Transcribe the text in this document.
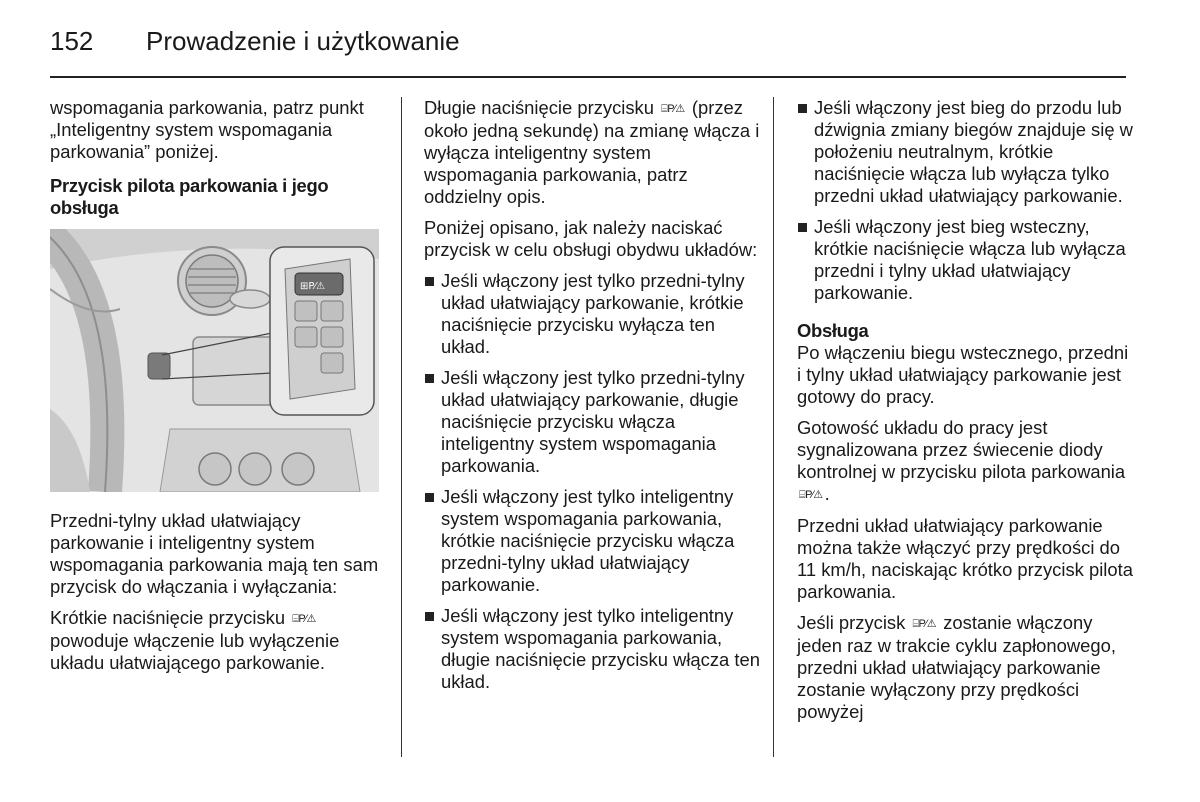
152 Prowadzenie i użytkowanie

wspomagania parkowania, patrz punkt „Inteligentny system wspomagania parkowania” poniżej.

Przycisk pilota parkowania i jego obsługa
⊞P⁄⚠

Przedni-tylny układ ułatwiający parkowanie i inteligentny system wspomagania parkowania mają ten sam przycisk do włączania i wyłączania:

Krótkie naciśnięcie przycisku ⌸P⁄⚠ powoduje włączenie lub wyłączenie układu ułatwiającego parkowanie.

Długie naciśnięcie przycisku ⌸P⁄⚠ (przez około jedną sekundę) na zmianę włącza i wyłącza inteligentny system wspomagania parkowania, patrz oddzielny opis.

Poniżej opisano, jak należy naciskać przycisk w celu obsługi obydwu układów:

Jeśli włączony jest tylko przedni-tylny układ ułatwiający parkowanie, krótkie naciśnięcie przycisku wyłącza ten układ.
Jeśli włączony jest tylko przedni-tylny układ ułatwiający parkowanie, długie naciśnięcie przycisku włącza inteligentny system wspomagania parkowania.
Jeśli włączony jest tylko inteligentny system wspomagania parkowania, krótkie naciśnięcie przycisku włącza przedni-tylny układ ułatwiający parkowanie.
Jeśli włączony jest tylko inteligentny system wspomagania parkowania, długie naciśnięcie przycisku włącza ten układ.
Jeśli włączony jest bieg do przodu lub dźwignia zmiany biegów znajduje się w położeniu neutralnym, krótkie naciśnięcie włącza lub wyłącza tylko przedni układ ułatwiający parkowanie.
Jeśli włączony jest bieg wsteczny, krótkie naciśnięcie włącza lub wyłącza przedni i tylny układ ułatwiający parkowanie.
Obsługa

Po włączeniu biegu wstecznego, przedni i tylny układ ułatwiający parkowanie jest gotowy do pracy.

Gotowość układu do pracy jest sygnalizowana przez świecenie diody kontrolnej w przycisku pilota parkowania ⌸P⁄⚠ .

Przedni układ ułatwiający parkowanie można także włączyć przy prędkości do 11 km/h, naciskając krótko przycisk pilota parkowania.

Jeśli przycisk ⌸P⁄⚠ zostanie włączony jeden raz w trakcie cyklu zapłonowego, przedni układ ułatwiający parkowanie zostanie wyłączony przy prędkości powyżej
